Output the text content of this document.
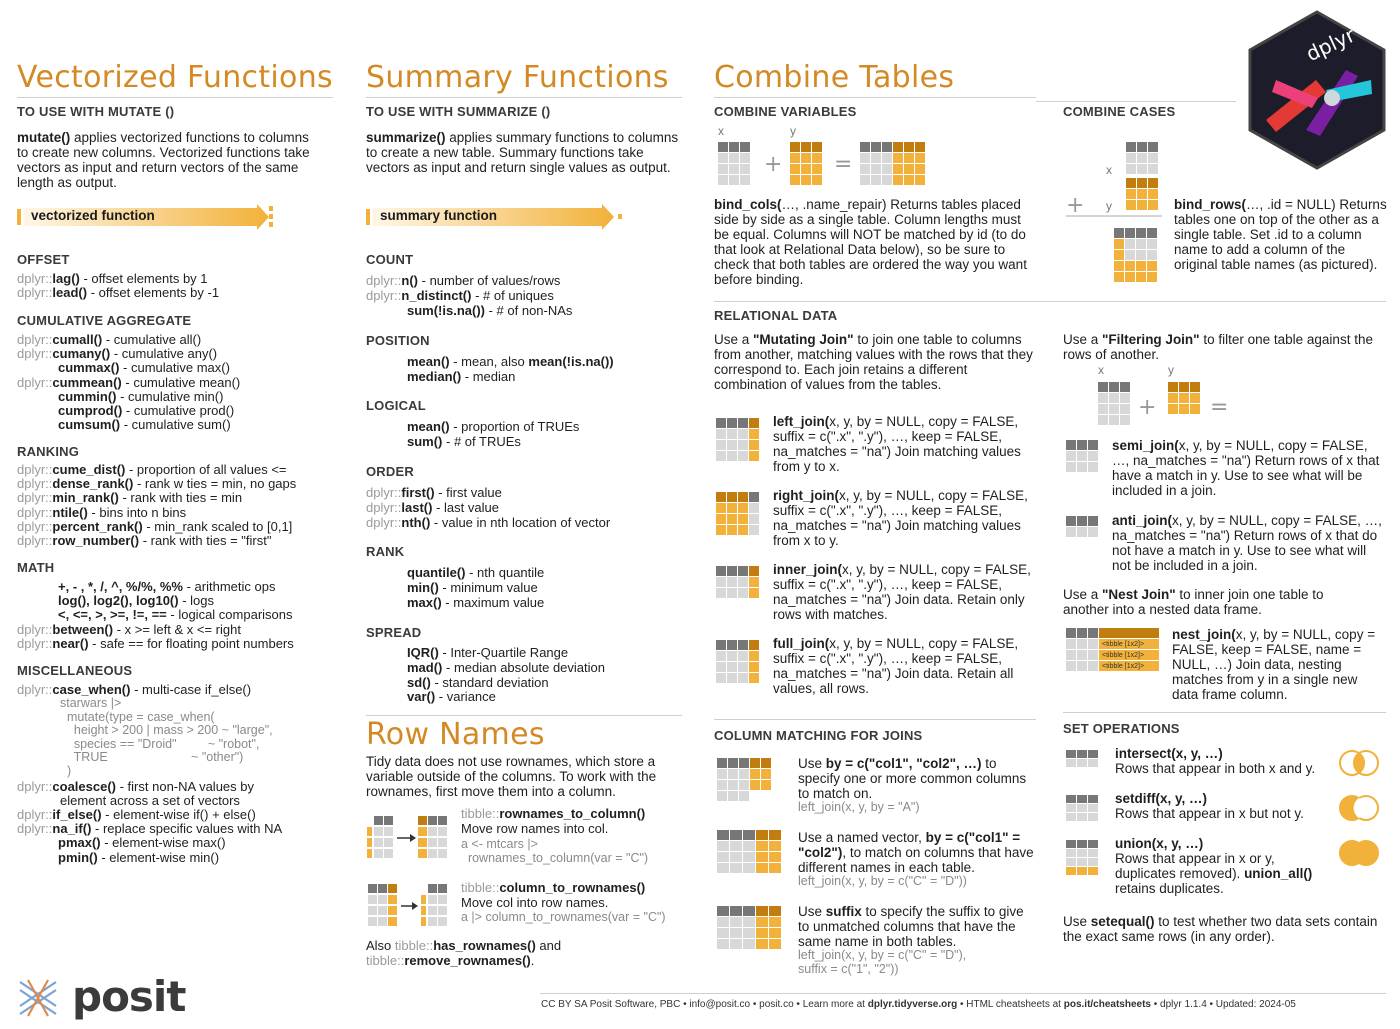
Vectorized Functions
TO USE WITH MUTATE ()
mutate() applies vectorized functions to columns to create new columns. Vectorized functions take vectors as input and return vectors of the same length as output.
vectorized function
OFFSET
dplyr::lag() - offset elements by 1
dplyr::lead() - offset elements by -1
CUMULATIVE AGGREGATE
dplyr::cumall() - cumulative all()
dplyr::cumany() - cumulative any()
cummax() - cumulative max()
dplyr::cummean() - cumulative mean()
cummin() - cumulative min()
cumprod() - cumulative prod()
cumsum() - cumulative sum()
RANKING
dplyr::cume_dist() - proportion of all values <=
dplyr::dense_rank() - rank w ties = min, no gaps
dplyr::min_rank() - rank with ties = min
dplyr::ntile() - bins into n bins
dplyr::percent_rank() - min_rank scaled to [0,1]
dplyr::row_number() - rank with ties = "first"
MATH
+, - , *, /, ^, %/%, %% - arithmetic ops
log(), log2(), log10() - logs
<, <=, >, >=, !=, == - logical comparisons
dplyr::between() - x >= left & x <= right
dplyr::near() - safe == for floating point numbers
MISCELLANEOUS
dplyr::case_when() - multi-case if_else()
starwars |>
mutate(type = case_when(
height > 200 | mass > 200 ~ "large",
species == "Droid"         ~ "robot",
TRUE                        ~ "other")
)
dplyr::coalesce() - first non-NA values by
element across a set of vectors
dplyr::if_else() - element-wise if() + else()
dplyr::na_if() - replace specific values with NA
pmax() - element-wise max()
pmin() - element-wise min()
Summary Functions
TO USE WITH SUMMARIZE ()
summarize() applies summary functions to columns to create a new table. Summary functions take vectors as input and return single values as output.
summary function
COUNT
dplyr::n() - number of values/rows
dplyr::n_distinct() - # of uniques
sum(!is.na()) - # of non-NAs
POSITION
mean() - mean, also mean(!is.na())
median() - median
LOGICAL
mean() - proportion of TRUEs
sum() - # of TRUEs
ORDER
dplyr::first() - first value
dplyr::last() - last value
dplyr::nth() - value in nth location of vector
RANK
quantile() - nth quantile
min() - minimum value
max() - maximum value
SPREAD
IQR() - Inter-Quartile Range
mad() - median absolute deviation
sd() - standard deviation
var() - variance
Row Names
Tidy data does not use rownames, which store a variable outside of the columns. To work with the rownames, first move them into a column.
tibble::rownames_to_column()
Move row names into col.
a <- mtcars |>
rownames_to_column(var = "C")
tibble::column_to_rownames()
Move col into row names.
a |> column_to_rownames(var = "C")
Also tibble::has_rownames() and
tibble::remove_rownames().
Combine Tables
COMBINE VARIABLES
x	y
+ =
bind_cols(…, .name_repair) Returns tables placed side by side as a single table. Column lengths must be equal. Columns will NOT be matched by id (to do that look at Relational Data below), so be sure to check that both tables are ordered the way you want before binding.
COMBINE CASES
x
+ y	bind_rows(…, .id = NULL) Returns tables one on top of the other as a single table. Set .id to a column name to add a column of the original table names (as pictured).
RELATIONAL DATA
Use a "Mutating Join" to join one table to columns from another, matching values with the rows that they correspond to. Each join retains a different combination of values from the tables.
left_join(x, y, by = NULL, copy = FALSE, suffix = c(".x", ".y"), …, keep = FALSE, na_matches = "na") Join matching values from y to x.
right_join(x, y, by = NULL, copy = FALSE, suffix = c(".x", ".y"), …, keep = FALSE, na_matches = "na") Join matching values from x to y.
inner_join(x, y, by = NULL, copy = FALSE, suffix = c(".x", ".y"), …, keep = FALSE, na_matches = "na") Join data. Retain only rows with matches.
full_join(x, y, by = NULL, copy = FALSE, suffix = c(".x", ".y"), …, keep = FALSE, na_matches = "na") Join data. Retain all values, all rows.
Use a "Filtering Join" to filter one table against the rows of another.
x	y
+ =
semi_join(x, y, by = NULL, copy = FALSE, …, na_matches = "na") Return rows of x that have a match in y. Use to see what will be included in a join.
anti_join(x, y, by = NULL, copy = FALSE, …, na_matches = "na") Return rows of x that do not have a match in y. Use to see what will not be included in a join.
Use a "Nest Join" to inner join one table to another into a nested data frame.
<tibble [1x2]>
<tibble [1x2]>
<tibble [1x2]>
nest_join(x, y, by = NULL, copy = FALSE, keep = FALSE, name = NULL, …) Join data, nesting matches from y in a single new data frame column.
COLUMN MATCHING FOR JOINS
Use by = c("col1", "col2", …) to specify one or more common columns to match on.
left_join(x, y, by = "A")
Use a named vector, by = c("col1" = "col2"), to match on columns that have different names in each table.
left_join(x, y, by = c("C" = "D"))
Use suffix to specify the suffix to give to unmatched columns that have the same name in both tables.
left_join(x, y, by = c("C" = "D"),
suffix = c("1", "2"))
SET OPERATIONS
intersect(x, y, …)
Rows that appear in both x and y.
setdiff(x, y, …)
Rows that appear in x but not y.
union(x, y, …)
Rows that appear in x or y, duplicates removed). union_all() retains duplicates.
Use setequal() to test whether two data sets contain the exact same rows (in any order).
dplyr
posit	CC BY SA Posit Software, PBC • info@posit.co • posit.co • Learn more at dplyr.tidyverse.org • HTML cheatsheets at pos.it/cheatsheets • dplyr 1.1.4 • Updated: 2024-05
